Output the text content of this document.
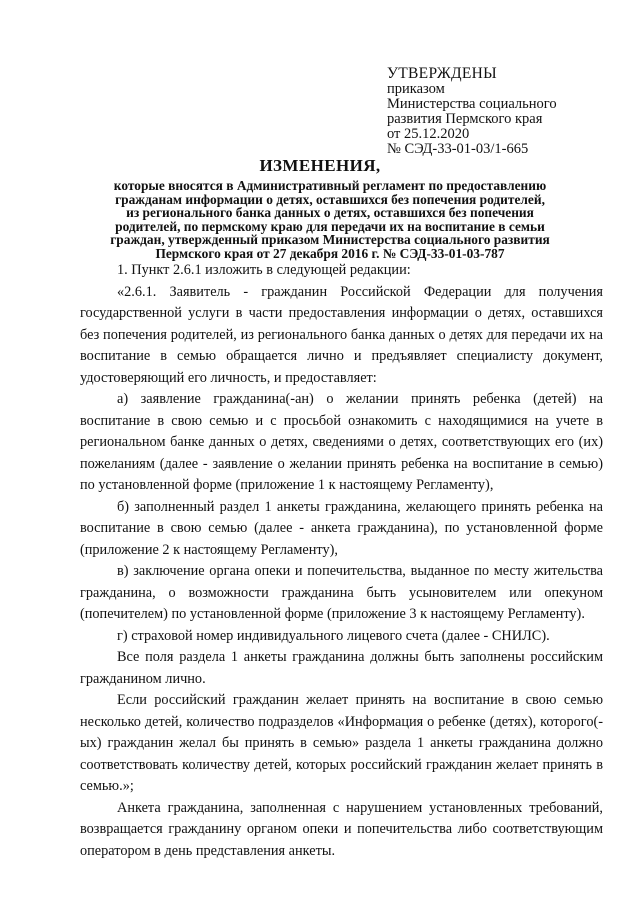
УТВЕРЖДЕНЫ
приказом
Министерства социального
развития Пермского края
от 25.12.2020
№ СЭД-33-01-03/1-665
ИЗМЕНЕНИЯ,
которые вносятся в Административный регламент по предоставлению
гражданам информации о детях, оставшихся без попечения родителей,
из регионального банка данных о детях, оставшихся без попечения
родителей, по пермскому краю для передачи их на воспитание в семьи
граждан, утвержденный приказом Министерства социального развития
Пермского края от 27 декабря 2016 г. № СЭД-33-01-03-787

1. Пункт 2.6.1 изложить в следующей редакции:

«2.6.1. Заявитель - гражданин Российской Федерации для получения государственной услуги в части предоставления информации о детях, оставшихся без попечения родителей, из регионального банка данных о детях для передачи их на воспитание в семью обращается лично и предъявляет специалисту документ, удостоверяющий его личность, и предоставляет:

а) заявление гражданина(-ан) о желании принять ребенка (детей) на воспитание в свою семью и с просьбой ознакомить с находящимися на учете в региональном банке данных о детях, сведениями о детях, соответствующих его (их) пожеланиям (далее - заявление о желании принять ребенка на воспитание в семью) по установленной форме (приложение 1 к настоящему Регламенту),

б) заполненный раздел 1 анкеты гражданина, желающего принять ребенка на воспитание в свою семью (далее - анкета гражданина), по установленной форме (приложение 2 к настоящему Регламенту),

в) заключение органа опеки и попечительства, выданное по месту жительства гражданина, о возможности гражданина быть усыновителем или опекуном (попечителем) по установленной форме (приложение 3 к настоящему Регламенту).

г) страховой номер индивидуального лицевого счета (далее - СНИЛС).

Все поля раздела 1 анкеты гражданина должны быть заполнены российским гражданином лично.

Если российский гражданин желает принять на воспитание в свою семью несколько детей, количество подразделов «Информация о ребенке (детях), которого(-ых) гражданин желал бы принять в семью» раздела 1 анкеты гражданина должно соответствовать количеству детей, которых российский гражданин желает принять в семью.»;

Анкета гражданина, заполненная с нарушением установленных требований, возвращается гражданину органом опеки и попечительства либо соответствующим оператором в день представления анкеты.
